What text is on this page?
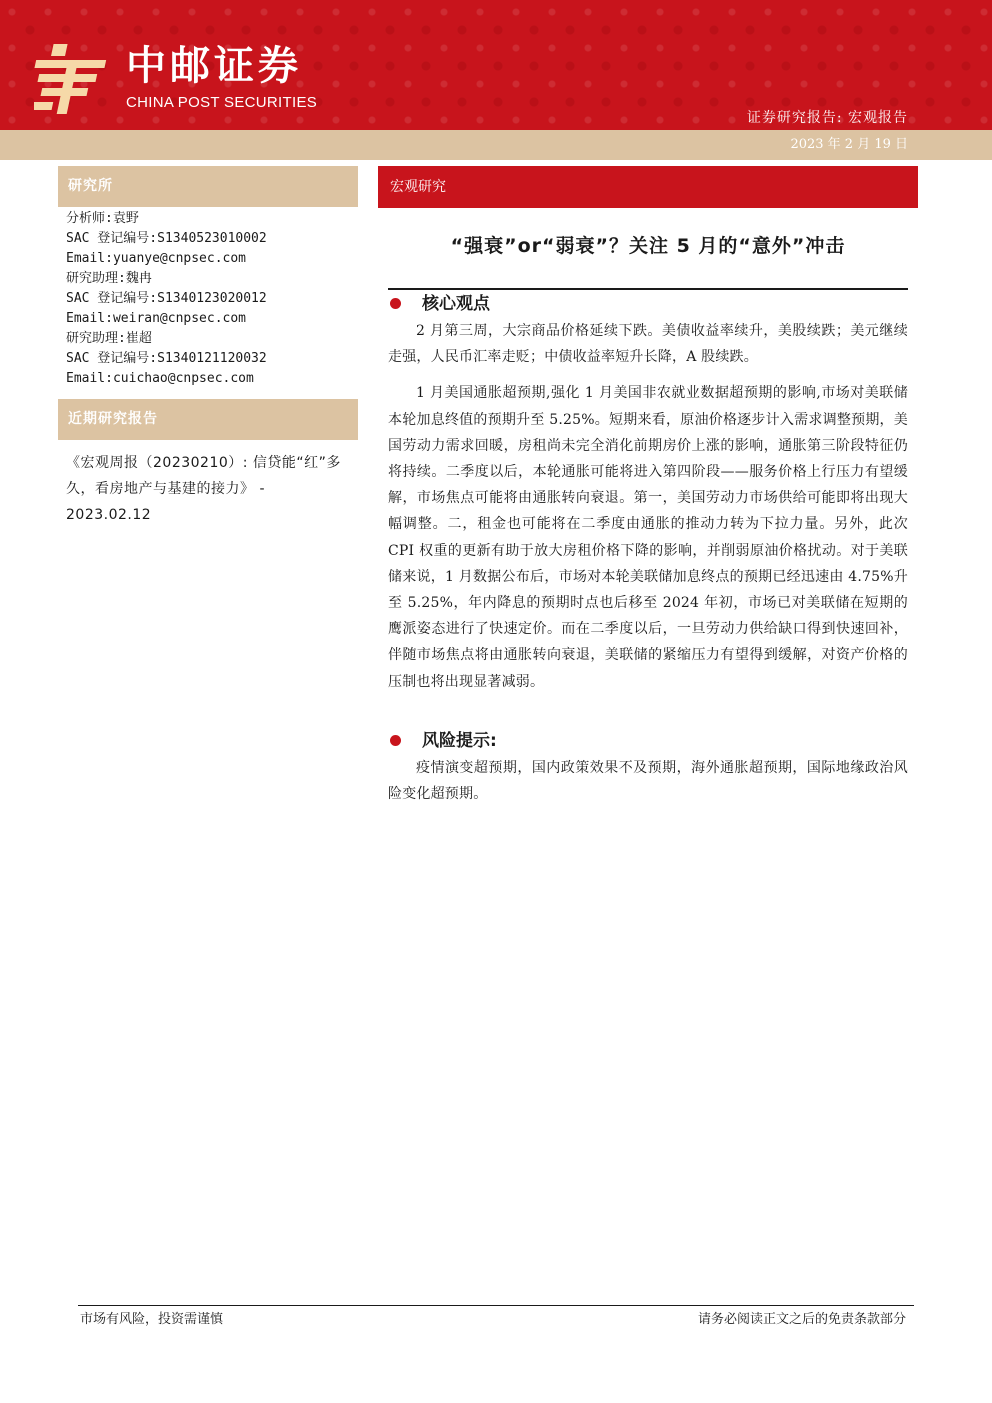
中邮证券
CHINA POST SECURITIES
证券研究报告: 宏观报告
2023 年 2 月 19 日
研究所
分析师:袁野
SAC 登记编号:S1340523010002
Email:yuanye@cnpsec.com
研究助理:魏冉
SAC 登记编号:S1340123020012
Email:weiran@cnpsec.com
研究助理:崔超
SAC 登记编号:S1340121120032
Email:cuichao@cnpsec.com
近期研究报告
《宏观周报（20230210）: 信贷能“红”多久，看房地产与基建的接力》 - 2023.02.12
宏观研究
“强衰”or“弱衰”？关注 5 月的“意外”冲击
核心观点

2 月第三周，大宗商品价格延续下跌。美债收益率续升，美股续跌；美元继续走强，人民币汇率走贬；中债收益率短升长降，A 股续跌。

1 月美国通胀超预期,强化 1 月美国非农就业数据超预期的影响,市场对美联储本轮加息终值的预期升至 5.25%。短期来看，原油价格逐步计入需求调整预期，美国劳动力需求回暖，房租尚未完全消化前期房价上涨的影响，通胀第三阶段特征仍将持续。二季度以后，本轮通胀可能将进入第四阶段——服务价格上行压力有望缓解，市场焦点可能将由通胀转向衰退。第一，美国劳动力市场供给可能即将出现大幅调整。二，租金也可能将在二季度由通胀的推动力转为下拉力量。另外，此次 CPI 权重的更新有助于放大房租价格下降的影响，并削弱原油价格扰动。对于美联储来说，1 月数据公布后，市场对本轮美联储加息终点的预期已经迅速由 4.75%升至 5.25%，年内降息的预期时点也后移至 2024 年初，市场已对美联储在短期的鹰派姿态进行了快速定价。而在二季度以后，一旦劳动力供给缺口得到快速回补，伴随市场焦点将由通胀转向衰退，美联储的紧缩压力有望得到缓解，对资产价格的压制也将出现显著减弱。

风险提示:

疫情演变超预期，国内政策效果不及预期，海外通胀超预期，国际地缘政治风险变化超预期。

市场有风险，投资需谨慎	请务必阅读正文之后的免责条款部分
